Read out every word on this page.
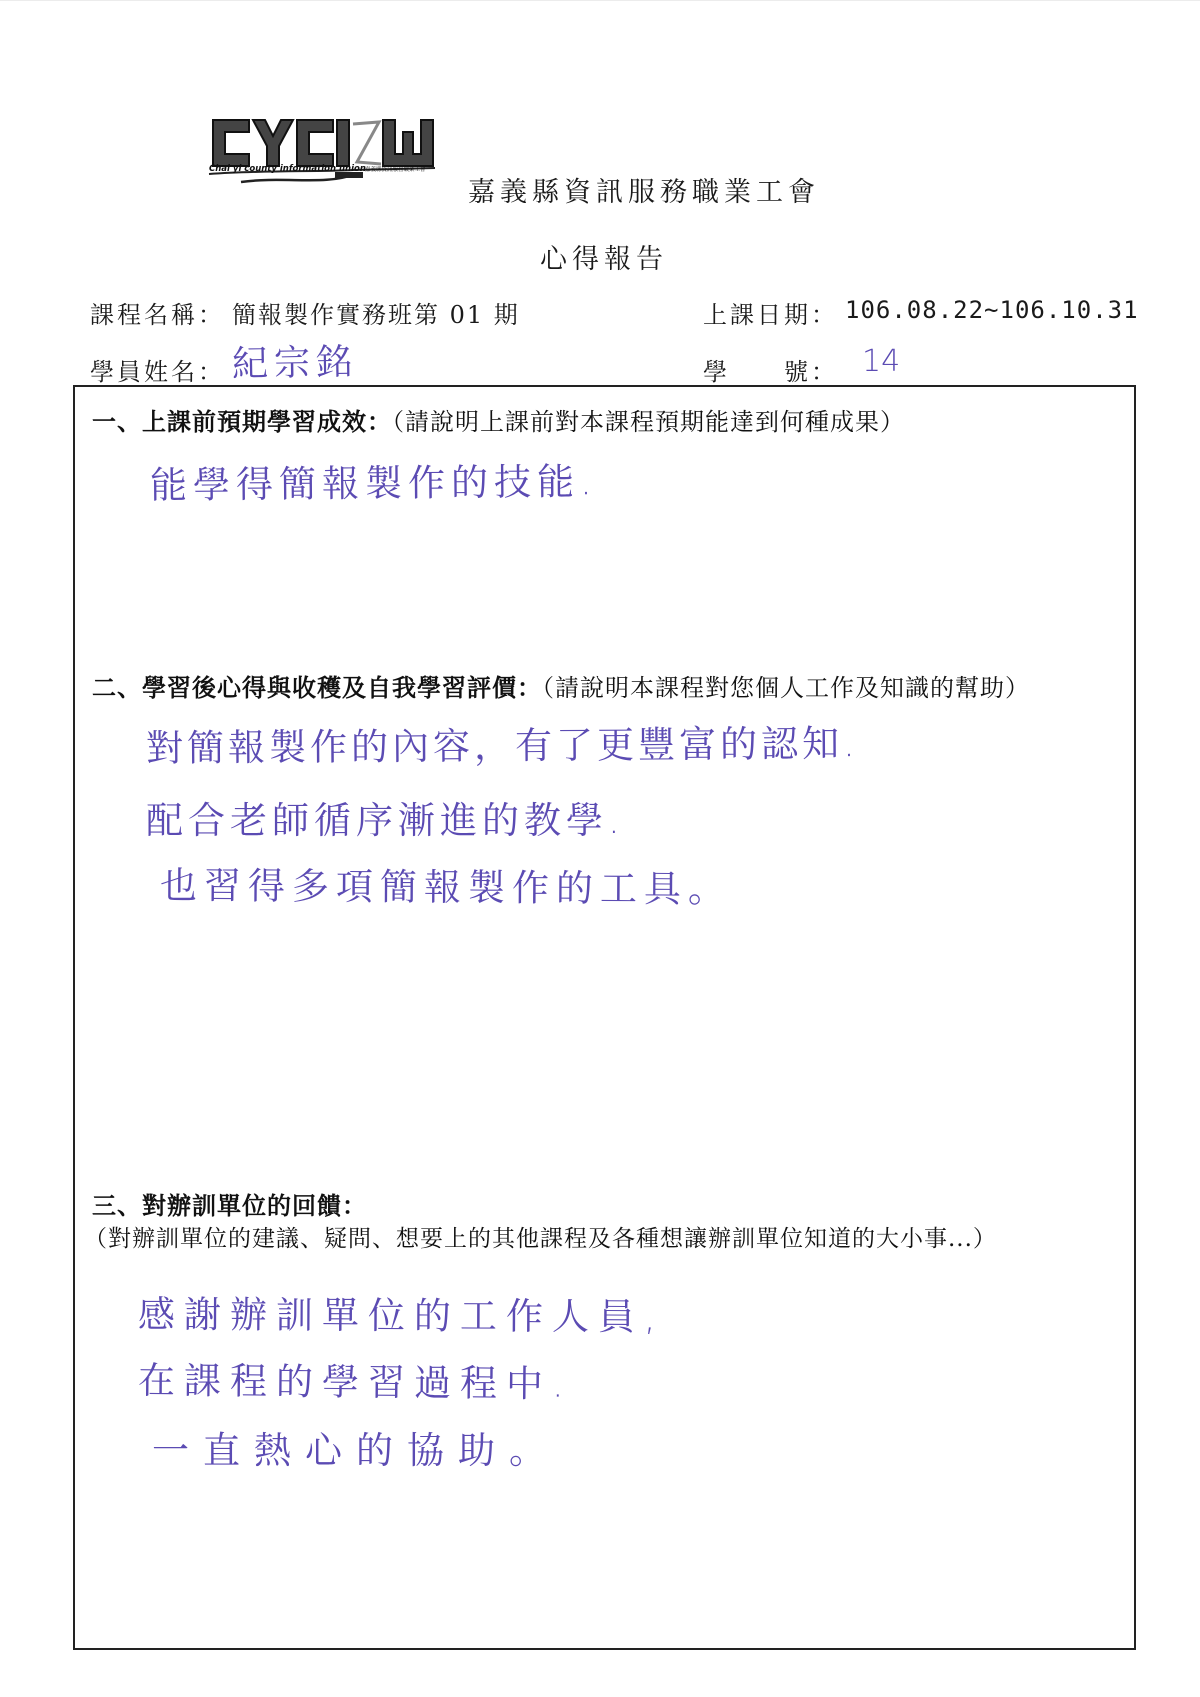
Chai yi county information union 嘉義縣資訊服務職業工會
嘉義縣資訊服務職業工會
心得報告
課程名稱： 簡報製作實務班第 01 期	上課日期： 106.08.22~106.10.31
學員姓名： 紀宗銘	學　　號： 14
一、上課前預期學習成效：（請說明上課前對本課程預期能達到何種成果）
能學得簡報製作的技能.
二、學習後心得與收穫及自我學習評價：（請說明本課程對您個人工作及知識的幫助）
對簡報製作的內容，有了更豐富的認知.
配合老師循序漸進的教學.
也習得多項簡報製作的工具。
三、對辦訓單位的回饋：
（對辦訓單位的建議、疑問、想要上的其他課程及各種想讓辦訓單位知道的大小事...）
感謝辦訓單位的工作人員,
在課程的學習過程中.
一直熱心的協助。
